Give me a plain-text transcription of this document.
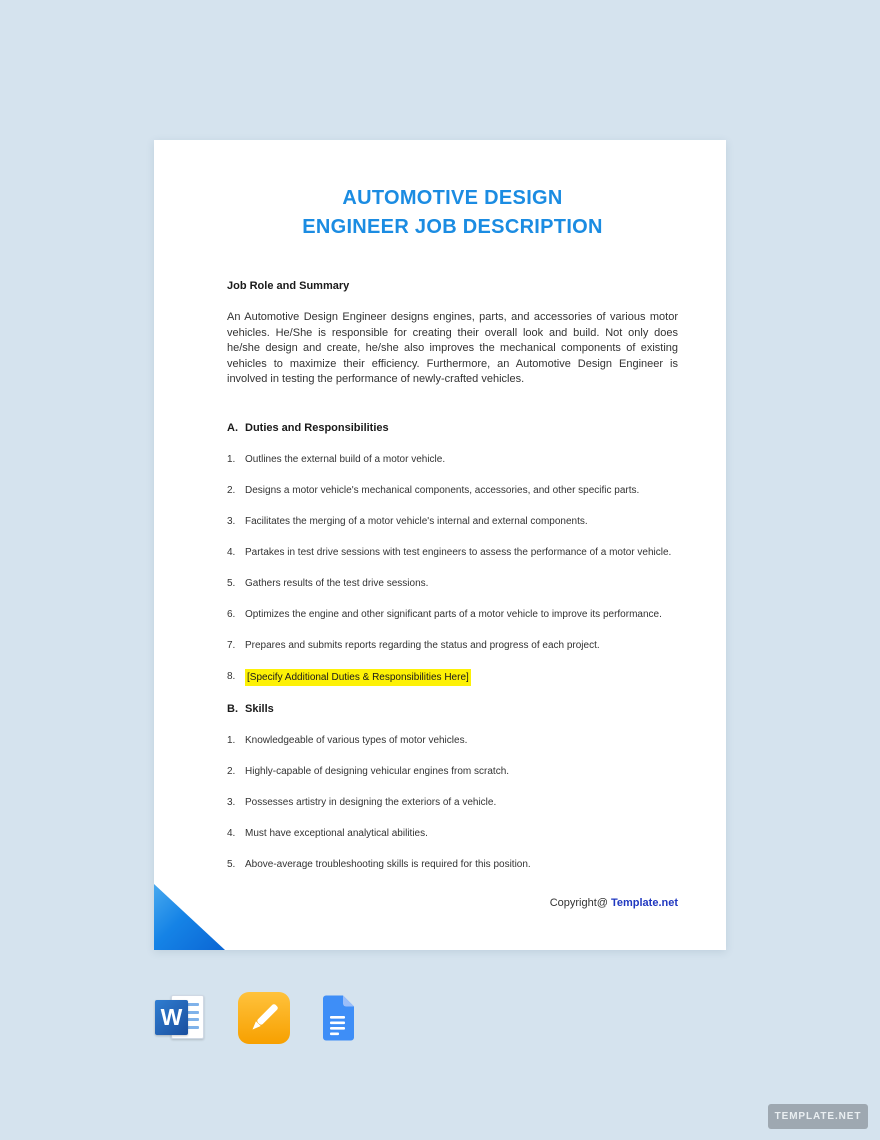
AUTOMOTIVE DESIGN
ENGINEER JOB DESCRIPTION
Job Role and Summary

An Automotive Design Engineer designs engines, parts, and accessories of various motor vehicles. He/She is responsible for creating their overall look and build. Not only does he/she design and create, he/she also improves the mechanical components of existing vehicles to maximize their efficiency. Furthermore, an Automotive Design Engineer is involved in testing the performance of newly-crafted vehicles.

A. Duties and Responsibilities
1. Outlines the external build of a motor vehicle.
2. Designs a motor vehicle's mechanical components, accessories, and other specific parts.
3. Facilitates the merging of a motor vehicle's internal and external components.
4. Partakes in test drive sessions with test engineers to assess the performance of a motor vehicle.
5. Gathers results of the test drive sessions.
6. Optimizes the engine and other significant parts of a motor vehicle to improve its performance.
7. Prepares and submits reports regarding the status and progress of each project.
8.	[Specify Additional Duties & Responsibilities Here]
B. Skills
1. Knowledgeable of various types of motor vehicles.
2. Highly-capable of designing vehicular engines from scratch.
3. Possesses artistry in designing the exteriors of a vehicle.
4. Must have exceptional analytical abilities.
5. Above-average troubleshooting skills is required for this position.
Copyright@ Template.net
W
TEMPLATE.NET
